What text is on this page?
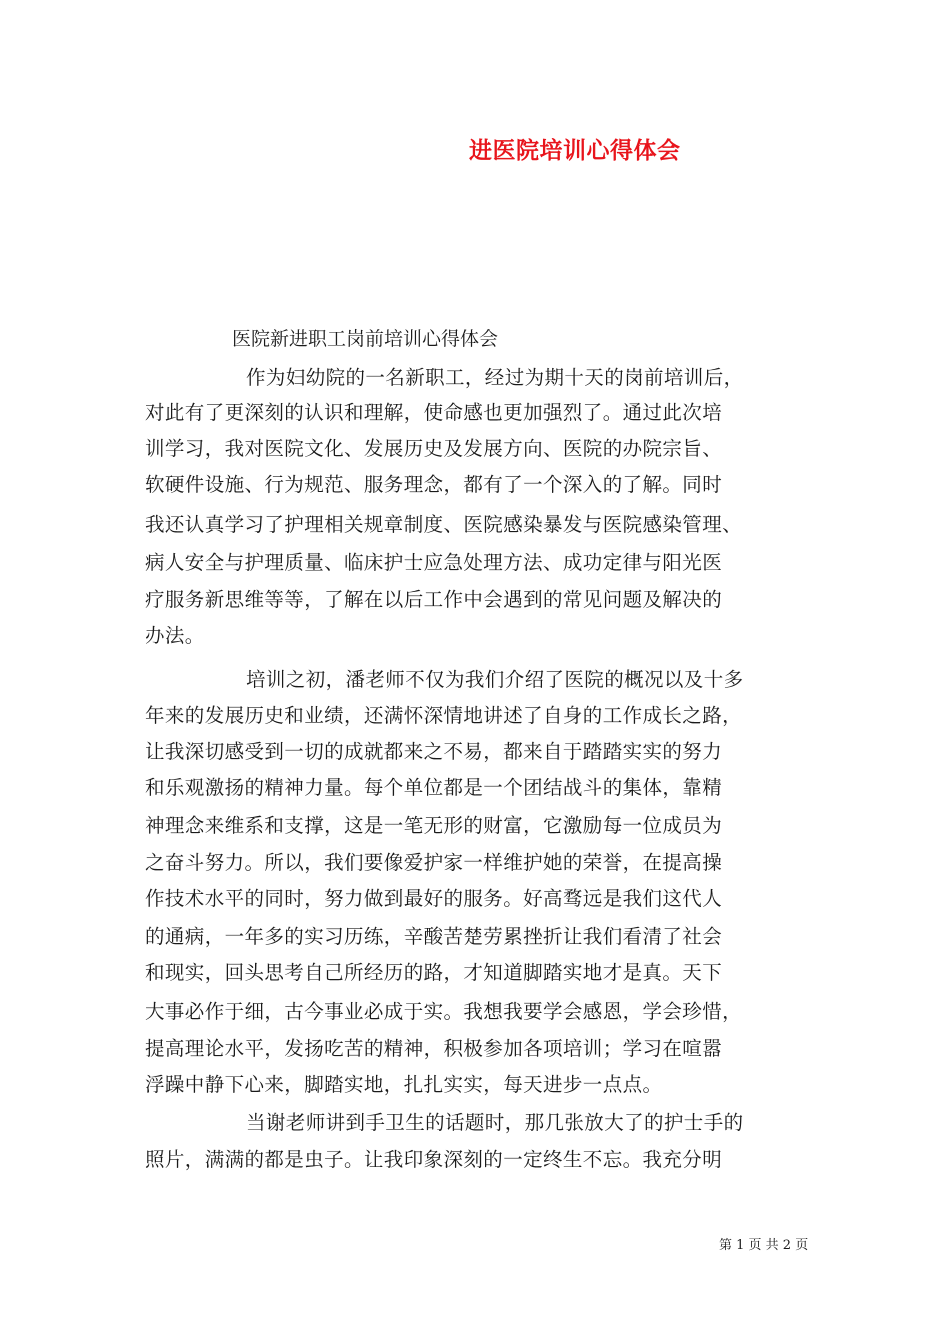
进医院培训心得体会
医院新进职工岗前培训心得体会
作为妇幼院的一名新职工，经过为期十天的岗前培训后，
对此有了更深刻的认识和理解，使命感也更加强烈了。通过此次培
训学习，我对医院文化、发展历史及发展方向、医院的办院宗旨、
软硬件设施、行为规范、服务理念，都有了一个深入的了解。同时
我还认真学习了护理相关规章制度、医院感染暴发与医院感染管理、
病人安全与护理质量、临床护士应急处理方法、成功定律与阳光医
疗服务新思维等等，了解在以后工作中会遇到的常见问题及解决的
办法。
培训之初，潘老师不仅为我们介绍了医院的概况以及十多
年来的发展历史和业绩，还满怀深情地讲述了自身的工作成长之路，
让我深切感受到一切的成就都来之不易，都来自于踏踏实实的努力
和乐观激扬的精神力量。每个单位都是一个团结战斗的集体，靠精
神理念来维系和支撑，这是一笔无形的财富，它激励每一位成员为
之奋斗努力。所以，我们要像爱护家一样维护她的荣誉，在提高操
作技术水平的同时，努力做到最好的服务。好高骛远是我们这代人
的通病，一年多的实习历练，辛酸苦楚劳累挫折让我们看清了社会
和现实，回头思考自己所经历的路，才知道脚踏实地才是真。天下
大事必作于细，古今事业必成于实。我想我要学会感恩，学会珍惜，
提高理论水平，发扬吃苦的精神，积极参加各项培训；学习在喧嚣
浮躁中静下心来，脚踏实地，扎扎实实，每天进步一点点。
当谢老师讲到手卫生的话题时，那几张放大了的护士手的
照片，满满的都是虫子。让我印象深刻的一定终生不忘。我充分明
第 1 页 共 2 页
